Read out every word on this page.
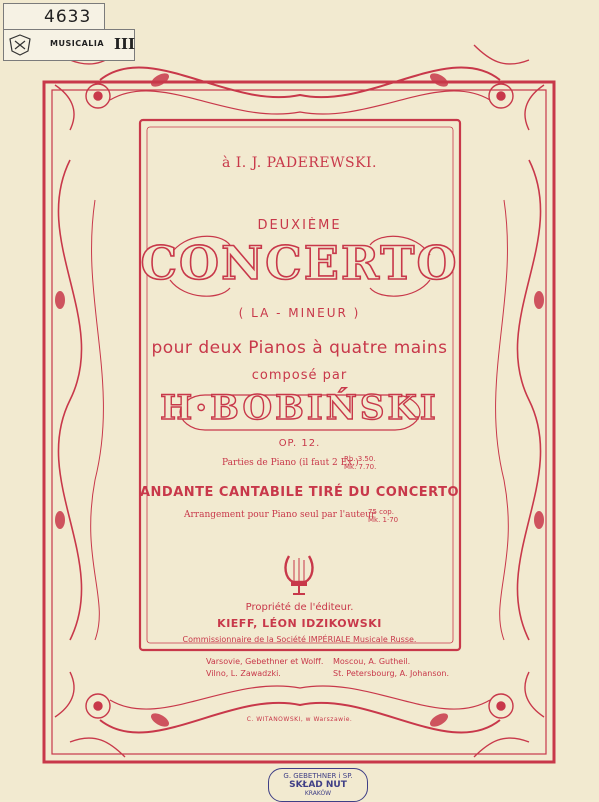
4633
MUSICALIA III
à I. J. PADEREWSKI.
DEUXIÈME
CONCERTO
( LA - MINEUR )
pour deux Pianos à quatre mains
composé par
H·BOBIŃSKI
OP. 12.
Parties de Piano (il faut 2 Ex.)
Rb. 3.50.
Mk. 7.70.
ANDANTE CANTABILE TIRÉ DU CONCERTO
Arrangement pour Piano seul par l'auteur
75 cop.
Mk. 1·70
Propriété de l'éditeur.
KIEFF, LÉON IDZIKOWSKI
Commissionnaire de la Société IMPÉRIALE Musicale Russe.
Varsovie, Gebethner et Wolff.
Vilno, L. Zawadzki.
Moscou, A. Gutheil.
St. Petersbourg, A. Johanson.
C. WITANOWSKI, w Warszawie.
G. GEBETHNER i SP.
SKŁAD NUT
KRAKÓW
